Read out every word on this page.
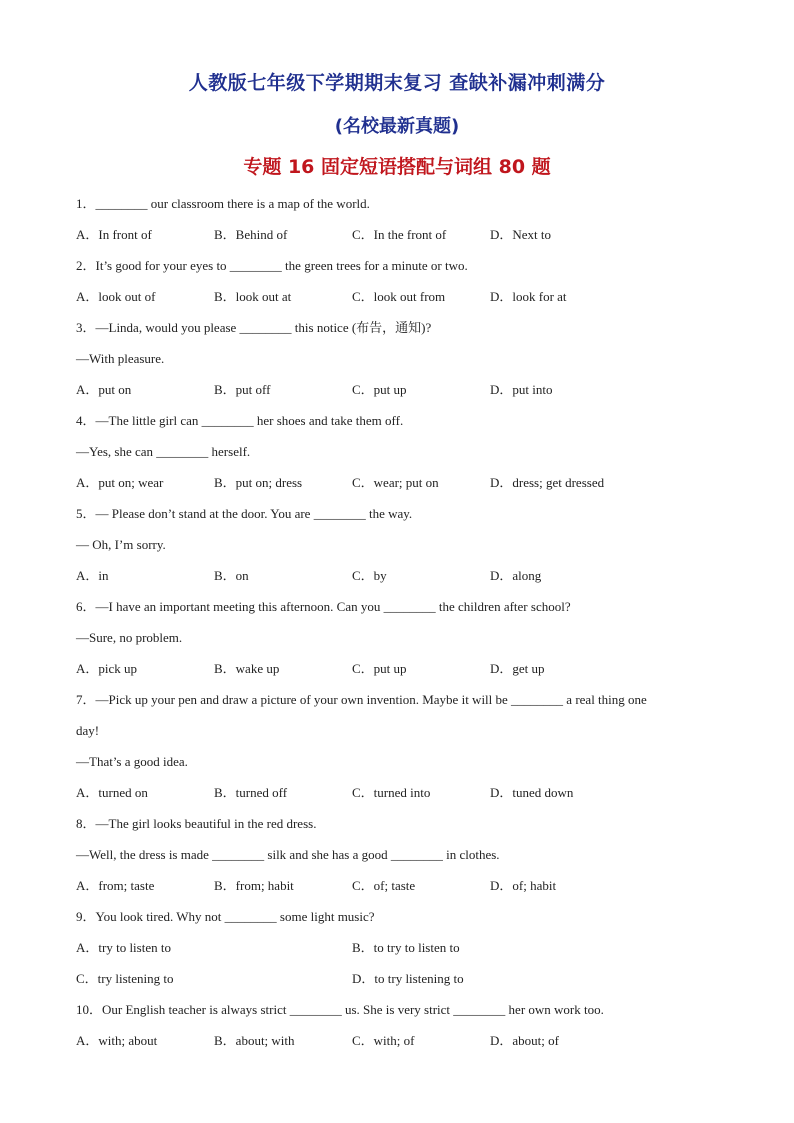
人教版七年级下学期期末复习 查缺补漏冲刺满分
(名校最新真题)
专题 16 固定短语搭配与词组 80 题
1．________ our classroom there is a map of the world.
A．In front of	B．Behind of	C．In the front of	D．Next to
2．It’s good for your eyes to ________ the green trees for a minute or two.
A．look out of	B．look out at	C．look out from	D．look for at
3．—Linda, would you please ________ this notice (布告，通知)?
—With pleasure.
A．put on	B．put off	C．put up	D．put into
4．—The little girl can ________ her shoes and take them off.
—Yes, she can ________ herself.
A．put on; wear	B．put on; dress	C．wear; put on	D．dress; get dressed
5．— Please don’t stand at the door. You are ________ the way.
— Oh, I’m sorry.
A．in	B．on	C．by	D．along
6．—I have an important meeting this afternoon. Can you ________ the children after school?
—Sure, no problem.
A．pick up	B．wake up	C．put up	D．get up
7．—Pick up your pen and draw a picture of your own invention. Maybe it will be ________ a real thing one
day!
—That’s a good idea.
A．turned on	B．turned off	C．turned into	D．tuned down
8．—The girl looks beautiful in the red dress.
—Well, the dress is made ________ silk and she has a good ________ in clothes.
A．from; taste	B．from; habit	C．of; taste	D．of; habit
9．You look tired. Why not ________ some light music?
A．try to listen to	B．to try to listen to
C．try listening to	D．to try listening to
10．Our English teacher is always strict ________ us. She is very strict ________ her own work too.
A．with; about	B．about; with	C．with; of	D．about; of
